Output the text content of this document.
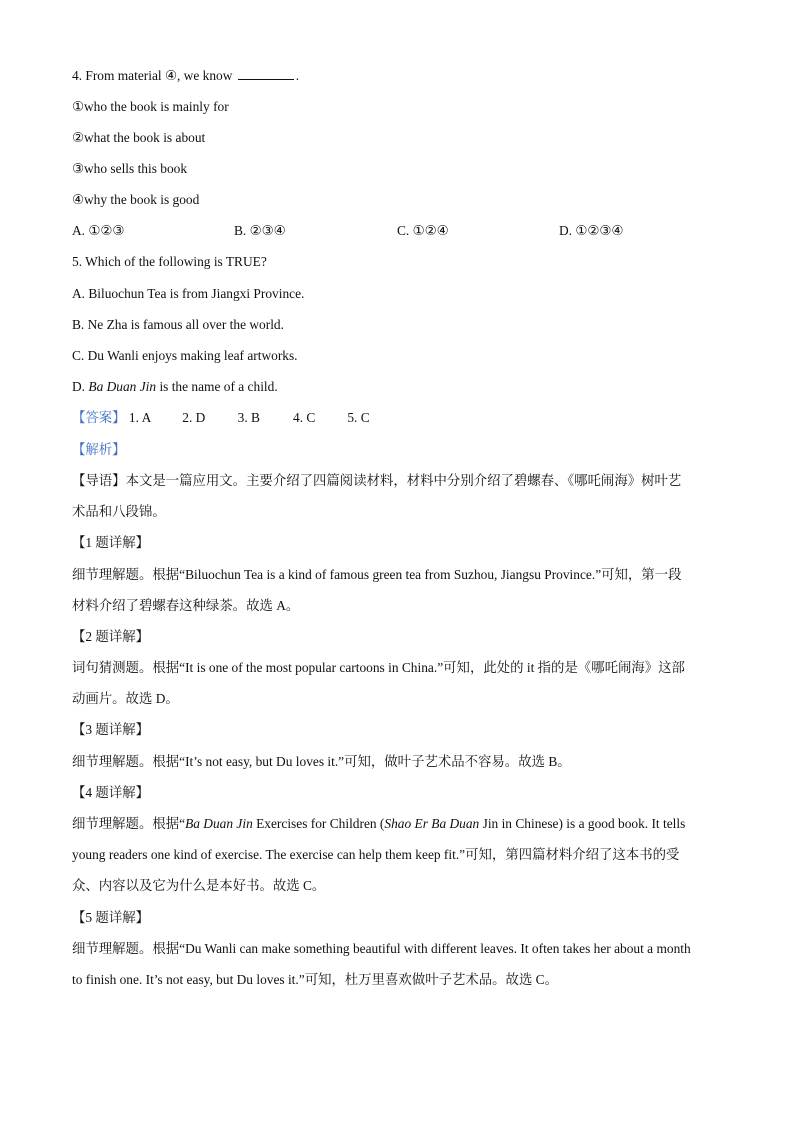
4. From material ④, we know	.
①who the book is mainly for
②what the book is about
③who sells this book
④why the book is good
A. ①②③	B. ②③④	C. ①②④	D. ①②③④
5. Which of the following is TRUE?
A. Biluochun Tea is from Jiangxi Province.
B. Ne Zha is famous all over the world.
C. Du Wanli enjoys making leaf artworks.
D. Ba Duan Jin is the name of a child.
【答案】 1. A 2. D 3. B 4. C 5. C
【解析】
【导语】本文是一篇应用文。主要介绍了四篇阅读材料，材料中分别介绍了碧螺春、《哪吒闹海》树叶艺
术品和八段锦。
【1 题详解】
细节理解题。根据“Biluochun Tea is a kind of famous green tea from Suzhou, Jiangsu Province.”可知，第一段
材料介绍了碧螺春这种绿茶。故选 A。
【2 题详解】
词句猜测题。根据“It is one of the most popular cartoons in China.”可知，此处的 it 指的是《哪吒闹海》这部
动画片。故选 D。
【3 题详解】
细节理解题。根据“It’s not easy, but Du loves it.”可知，做叶子艺术品不容易。故选 B。
【4 题详解】
细节理解题。根据“Ba Duan Jin Exercises for Children (Shao Er Ba Duan Jin in Chinese) is a good book. It tells
young readers one kind of exercise. The exercise can help them keep fit.”可知，第四篇材料介绍了这本书的受
众、内容以及它为什么是本好书。故选 C。
【5 题详解】
细节理解题。根据“Du Wanli can make something beautiful with different leaves. It often takes her about a month
to finish one. It’s not easy, but Du loves it.”可知，杜万里喜欢做叶子艺术品。故选 C。
